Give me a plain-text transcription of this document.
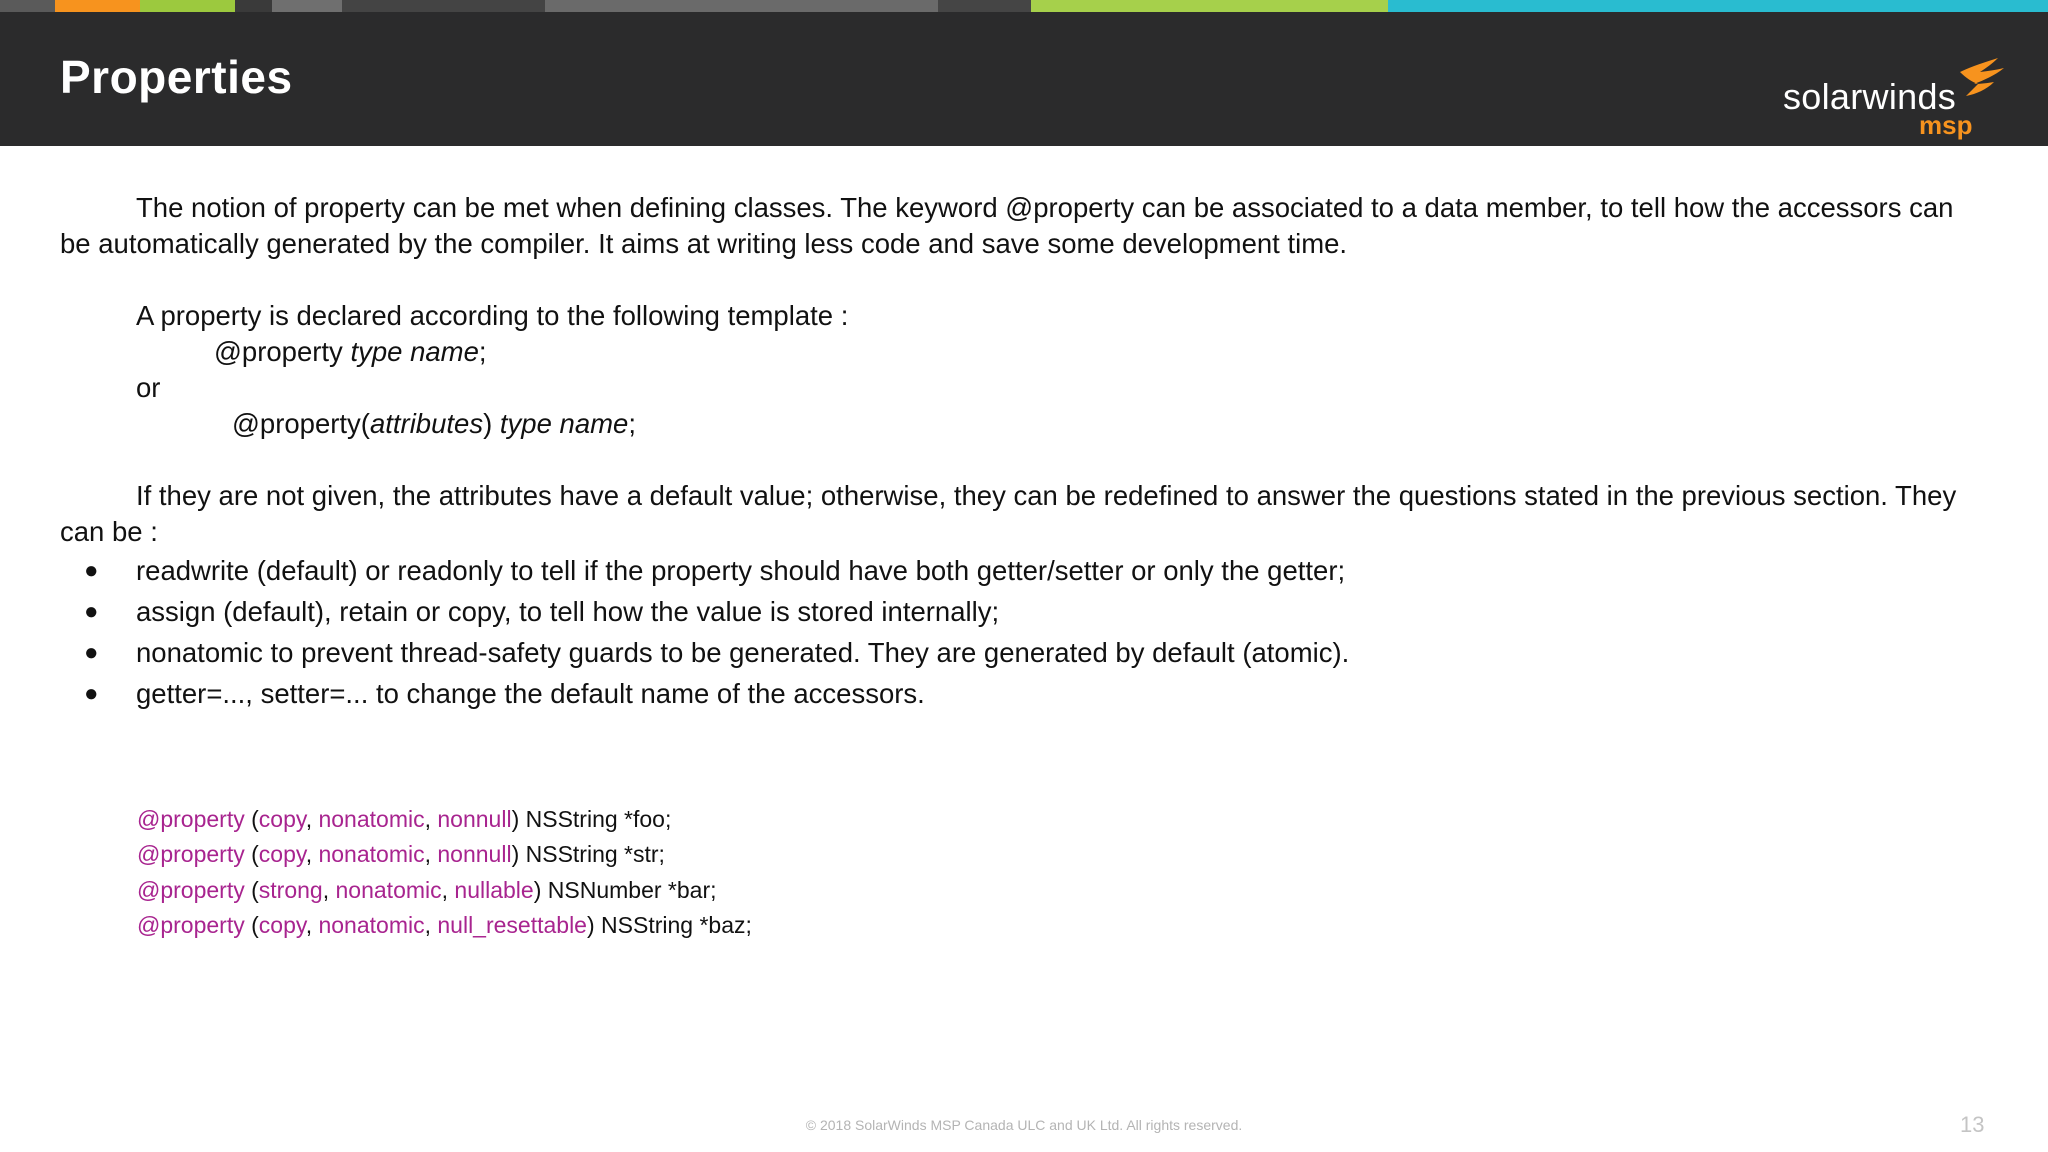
Properties	solarwinds
msp

The notion of property can be met when defining classes. The keyword @property can be associated to a data member, to tell how the accessors can be automatically generated by the compiler. It aims at writing less code and save some development time.

A property is declared according to the following template :

@property type name;

or

@property(attributes) type name;

If they are not given, the attributes have a default value; otherwise, they can be redefined to answer the questions stated in the previous section. They can be :

● readwrite (default) or readonly to tell if the property should have both getter/setter or only the getter;
● assign (default), retain or copy, to tell how the value is stored internally;
● nonatomic to prevent thread-safety guards to be generated. They are generated by default (atomic).
● getter=..., setter=... to change the default name of the accessors.
@property (copy, nonatomic, nonnull) NSString *foo;
@property (copy, nonatomic, nonnull) NSString *str;
@property (strong, nonatomic, nullable) NSNumber *bar;
@property (copy, nonatomic, null_resettable) NSString *baz;
© 2018 SolarWinds MSP Canada ULC and UK Ltd. All rights reserved.	13
